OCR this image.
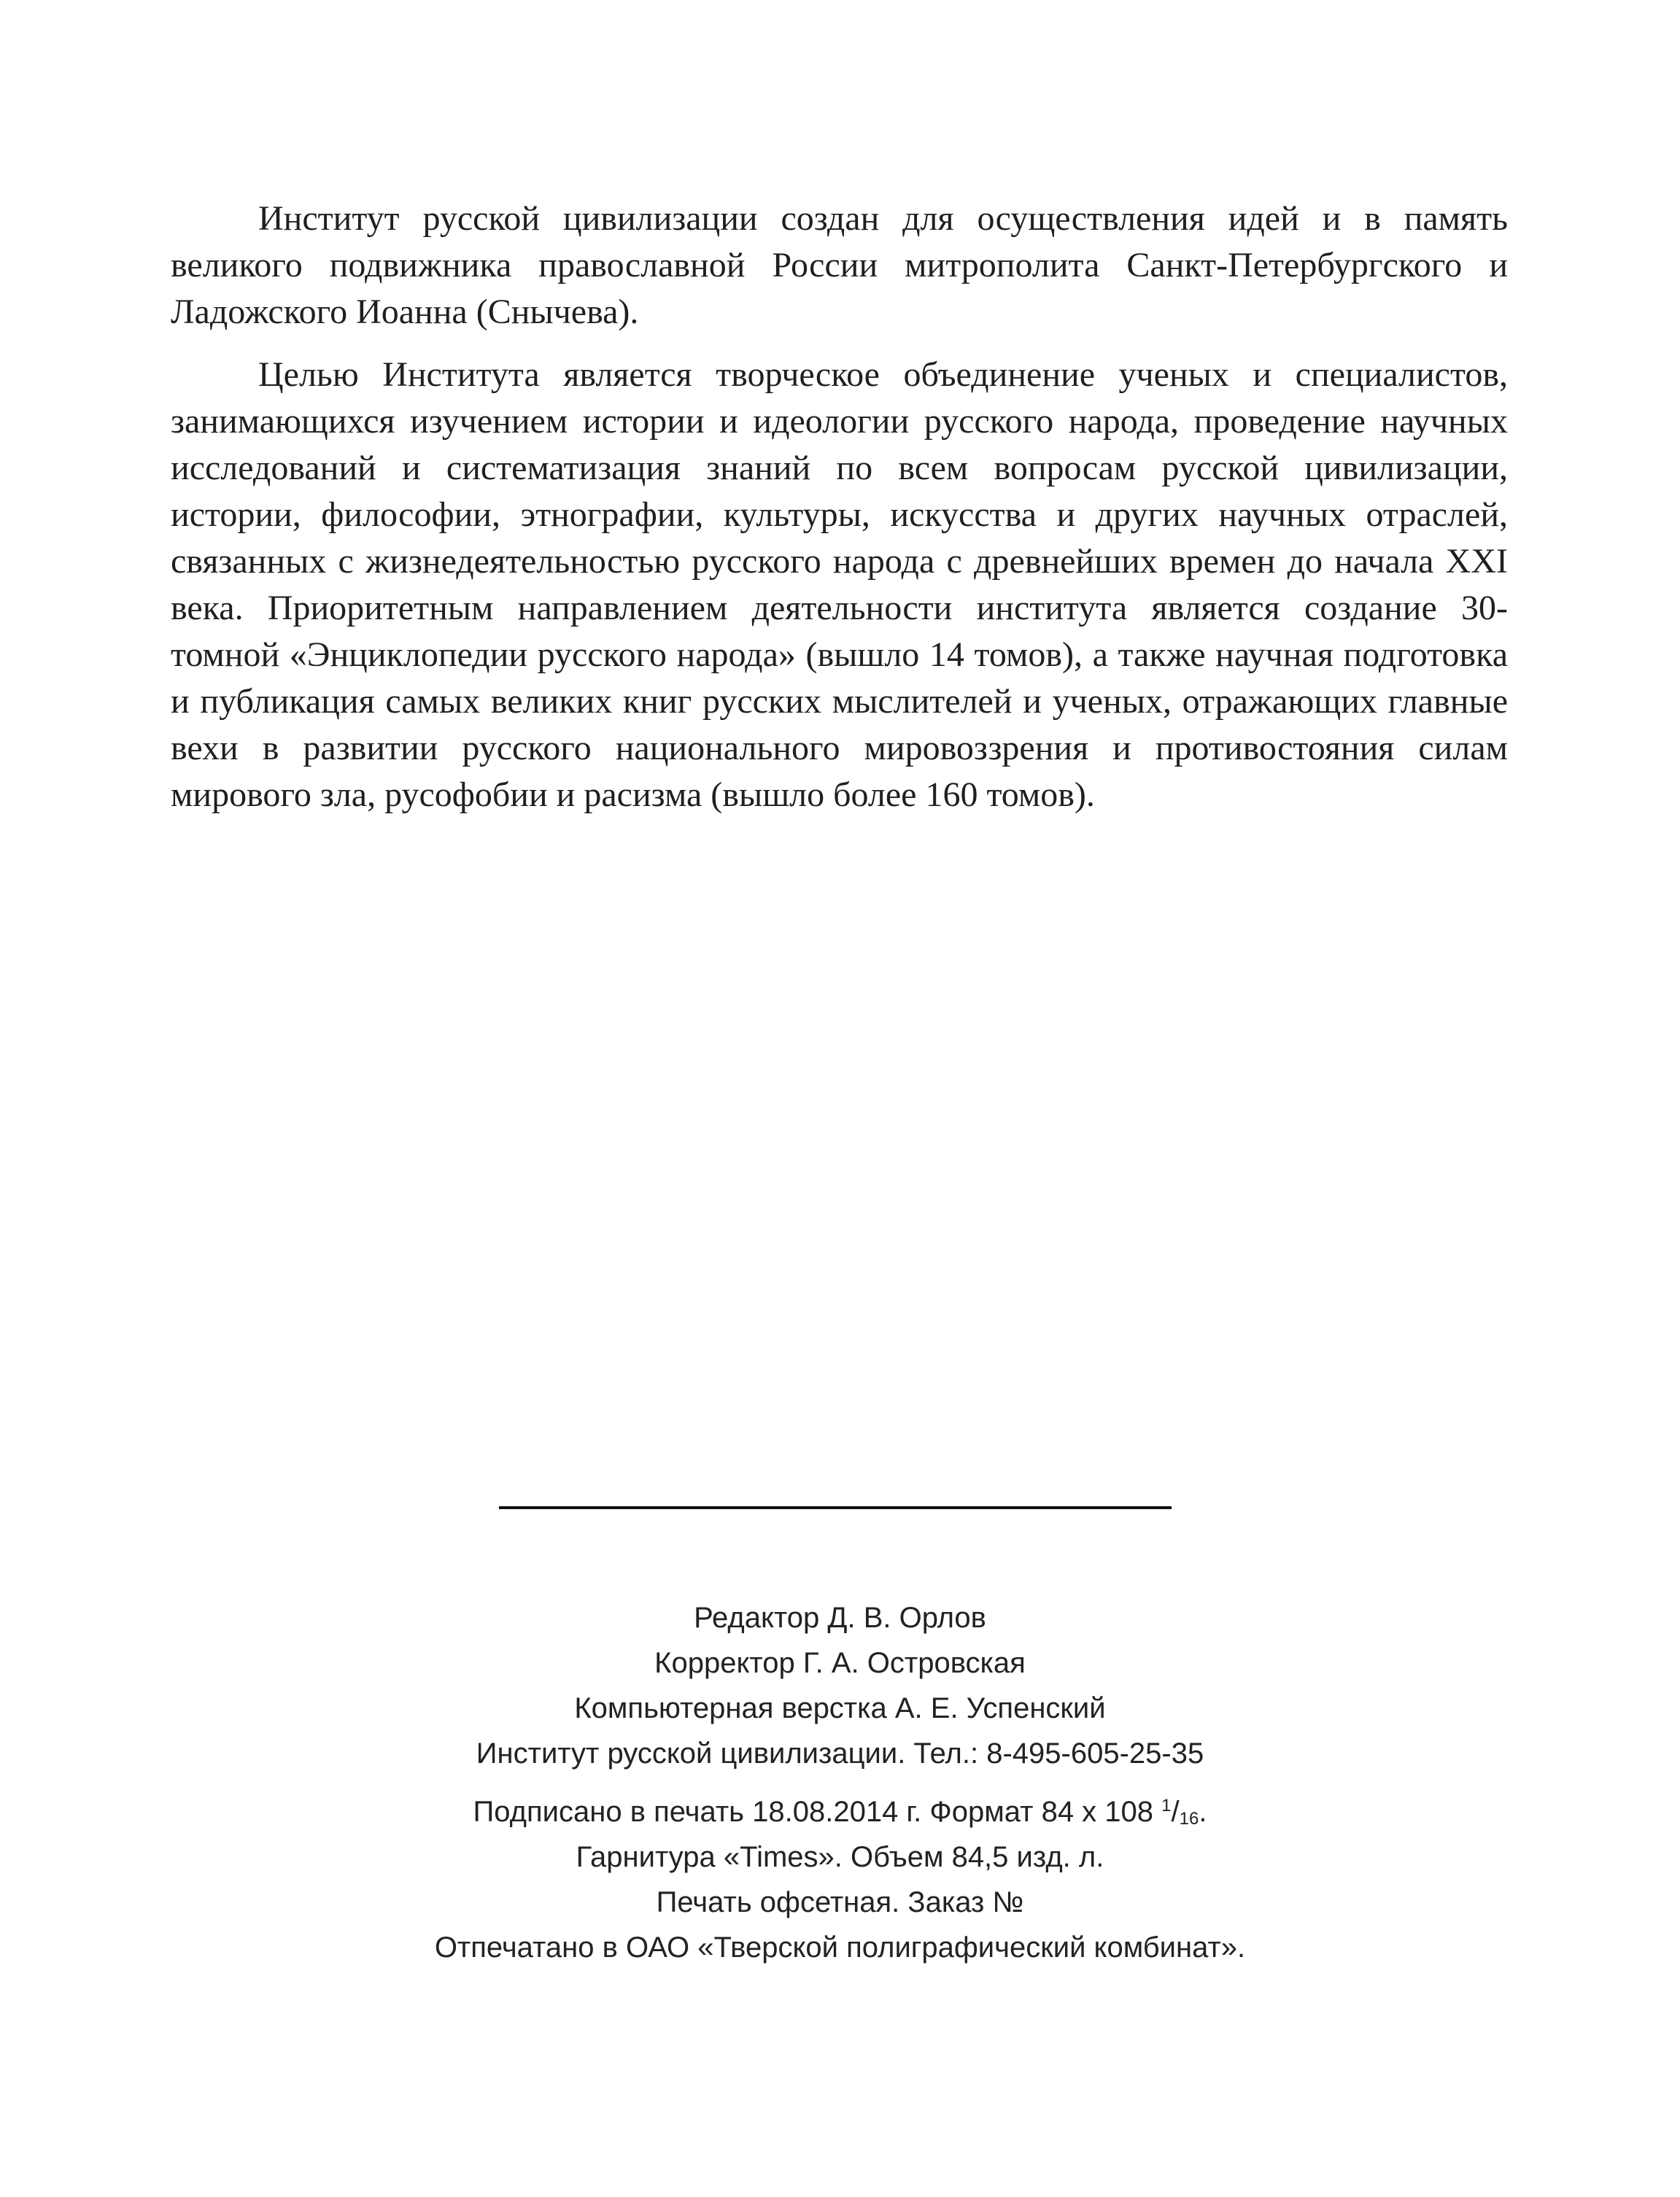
Институт русской цивилизации создан для осуществления идей и в память великого подвижника православной России митрополита Санкт-Петербургского и Ладожского Иоанна (Снычева).

Целью Института является творческое объединение ученых и специалистов, занимающихся изучением истории и идеологии русского народа, проведение научных исследований и систематизация знаний по всем вопросам русской цивилизации, истории, философии, этнографии, культуры, искусства и других научных отраслей, связанных с жизнедеятельностью русского народа с древнейших времен до начала XXI века. Приоритетным направлением деятельности института является создание 30-томной «Энциклопедии русского народа» (вышло 14 томов), а также научная подготовка и публикация самых великих книг русских мыслителей и ученых, отражающих главные вехи в развитии русского национального мировоззрения и противостояния силам мирового зла, русофобии и расизма (вышло более 160 томов).

Редактор Д. В. Орлов
Корректор Г. А. Островская
Компьютерная верстка А. Е. Успенский
Институт русской цивилизации. Тел.: 8-495-605-25-35
Подписано в печать 18.08.2014 г. Формат 84 х 108 $^1/_{16}$.
Гарнитура «Times». Объем 84,5 изд. л.
Печать офсетная. Заказ №
Отпечатано в ОАО «Тверской полиграфический комбинат».
